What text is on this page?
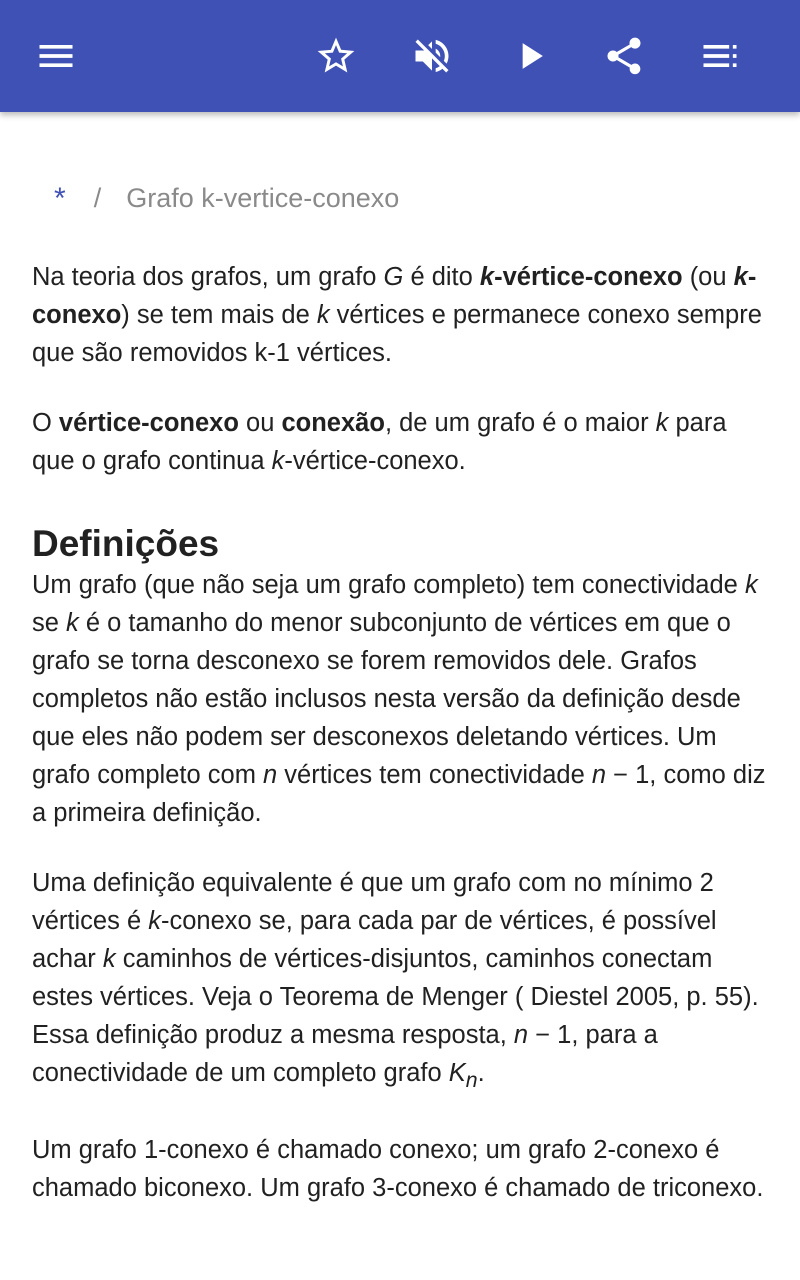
* / Grafo k-vertice-conexo

Na teoria dos grafos, um grafo G é dito k-vértice-conexo (ou k-conexo) se tem mais de k vértices e permanece conexo sempre que são removidos k-1 vértices.

O vértice-conexo ou conexão, de um grafo é o maior k para que o grafo continua k-vértice-conexo.

Definições

Um grafo (que não seja um grafo completo) tem conectividade k se k é o tamanho do menor subconjunto de vértices em que o grafo se torna desconexo se forem removidos dele. Grafos completos não estão inclusos nesta versão da definição desde que eles não podem ser desconexos deletando vértices. Um grafo completo com n vértices tem conectividade n − 1, como diz a primeira definição.

Uma definição equivalente é que um grafo com no mínimo 2 vértices é k-conexo se, para cada par de vértices, é possível achar k caminhos de vértices-disjuntos, caminhos conectam estes vértices. Veja o Teorema de Menger ( Diestel 2005, p. 55). Essa definição produz a mesma resposta, n − 1, para a conectividade de um completo grafo $K_n$.

Um grafo 1-conexo é chamado conexo; um grafo 2-conexo é chamado biconexo. Um grafo 3-conexo é chamado de triconexo.
